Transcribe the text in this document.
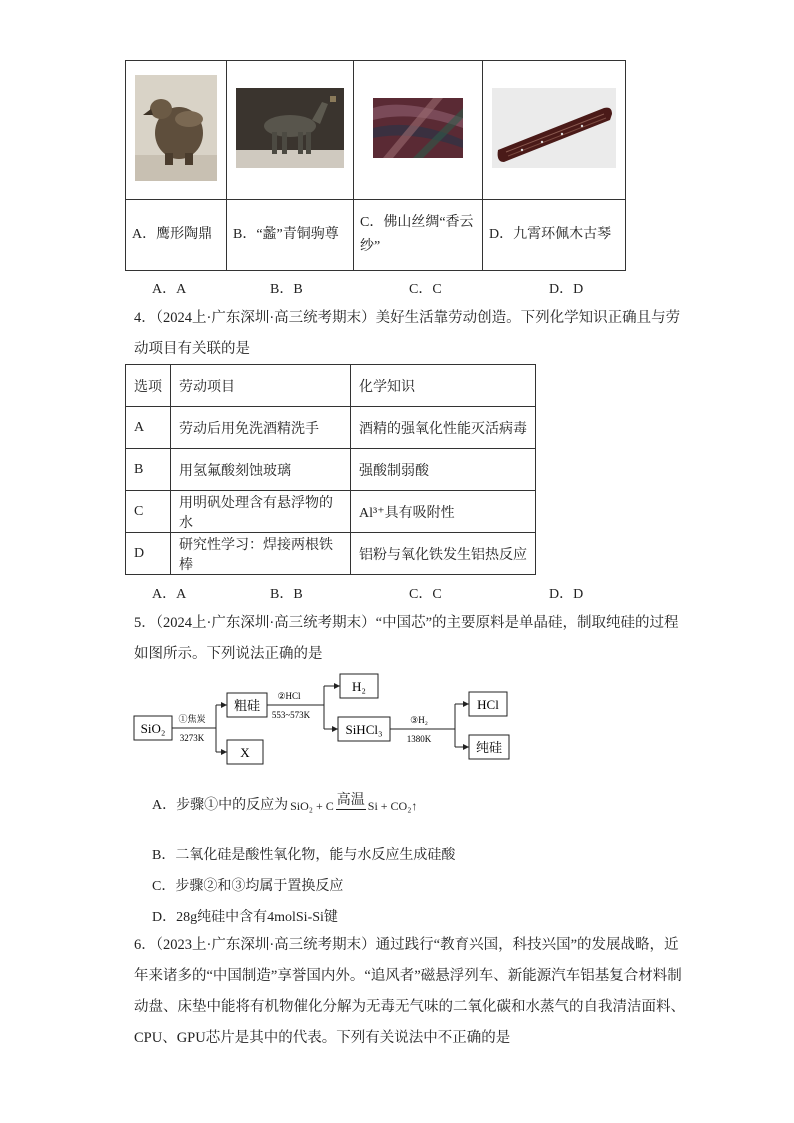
A．鹰形陶鼎	B．“蠡”青铜驹尊	C．佛山丝绸“香云纱”	D．九霄环佩木古琴
A．A	B．B	C．C	D．D
4．（2024上·广东深圳·高三统考期末）美好生活靠劳动创造。下列化学知识正确且与劳
动项目有关联的是
选项	劳动项目	化学知识
A	劳动后用免洗酒精洗手	酒精的强氧化性能灭活病毒
B	用氢氟酸刻蚀玻璃	强酸制弱酸
C	用明矾处理含有悬浮物的水	Al³⁺具有吸附性
D	研究性学习：焊接两根铁棒	铝粉与氧化铁发生铝热反应
A．A	B．B	C．C	D．D
5．（2024上·广东深圳·高三统考期末）“中国芯”的主要原料是单晶硅，制取纯硅的过程
如图所示。下列说法正确的是
SiO₂
①焦炭
3273K
粗硅
X
②HCl
553~573K
H₂
SiHCl₃
③H₂
1380K
HCl
纯硅
A．步骤①中的反应为 SiO₂ + C 高温 Si + CO₂↑
B．二氧化硅是酸性氧化物，能与水反应生成硅酸
C．步骤②和③均属于置换反应
D．28g纯硅中含有4molSi-Si键
6．（2023上·广东深圳·高三统考期末）通过践行“教育兴国，科技兴国”的发展战略，近
年来诸多的“中国制造”享誉国内外。“追风者”磁悬浮列车、新能源汽车铝基复合材料制
动盘、床垫中能将有机物催化分解为无毒无气味的二氧化碳和水蒸气的自我清洁面料、
CPU、GPU芯片是其中的代表。下列有关说法中不正确的是
